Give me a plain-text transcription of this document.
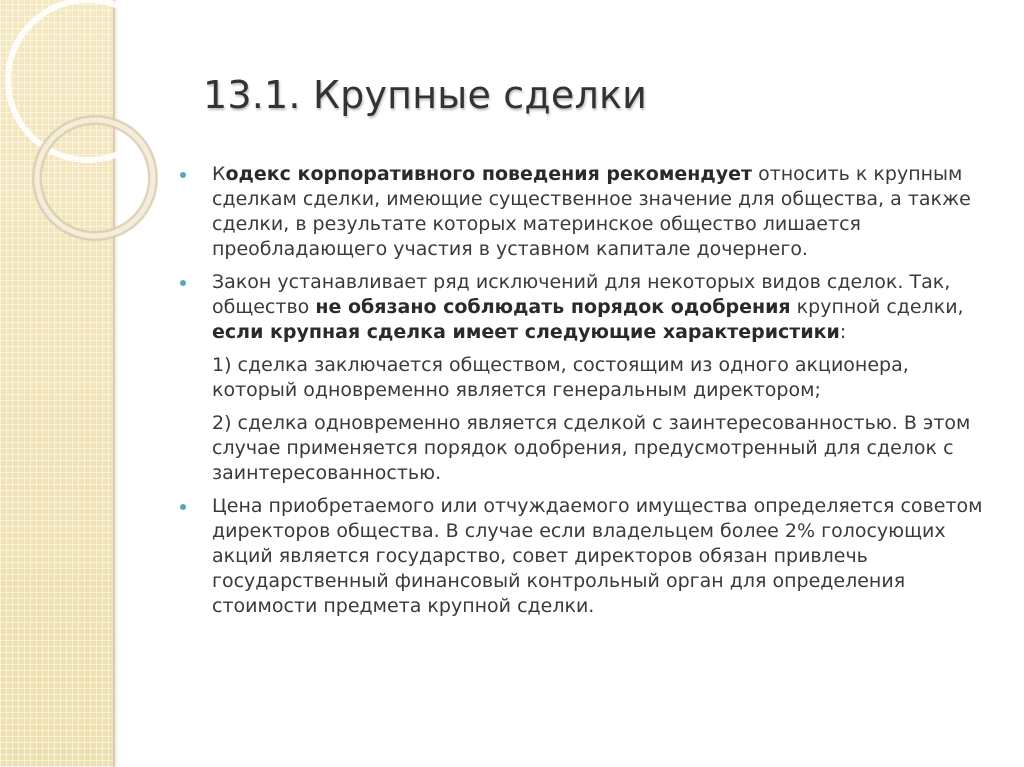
13.1. Крупные сделки
Кодекс корпоративного поведения рекомендует относить к крупным сделкам сделки, имеющие существенное значение для общества, а также сделки, в результате которых материнское общество лишается преобладающего участия в уставном капитале дочернего.
Закон устанавливает ряд исключений для некоторых видов сделок. Так, общество не обязано соблюдать порядок одобрения крупной сделки, если крупная сделка имеет следующие характеристики:
1) сделка заключается обществом, состоящим из одного акционера, который одновременно является генеральным директором;
2) сделка одновременно является сделкой с заинтересованностью. В этом случае применяется порядок одобрения, предусмотренный для сделок с заинтересованностью.
Цена приобретаемого или отчуждаемого имущества определяется советом директоров общества. В случае если владельцем более 2% голосующих акций является государство, совет директоров обязан привлечь государственный финансовый контрольный орган для определения стоимости предмета крупной сделки.
